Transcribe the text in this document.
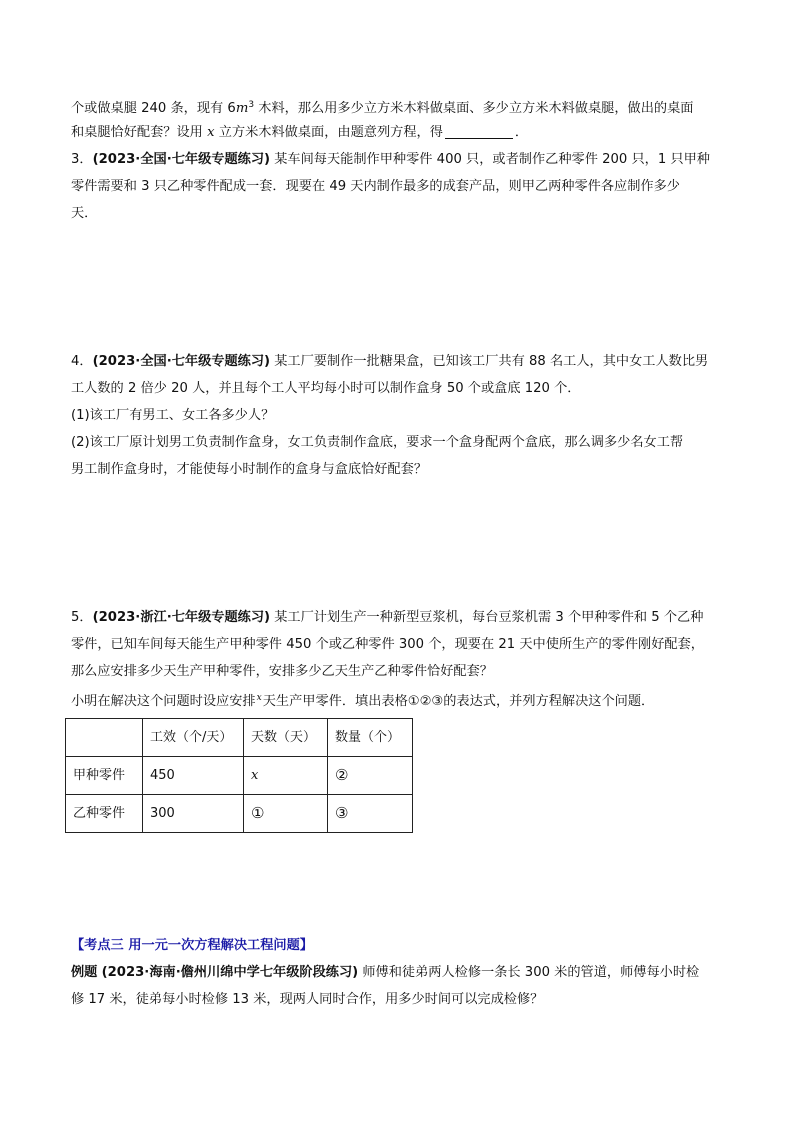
个或做桌腿 240 条，现有 $6m^3$ 木料，那么用多少立方米木料做桌面、多少立方米木料做桌腿，做出的桌面
和桌腿恰好配套？设用 x 立方米木料做桌面，由题意列方程，得	．
3．(2023·全国·七年级专题练习) 某车间每天能制作甲种零件 400 只，或者制作乙种零件 200 只，1 只甲种
零件需要和 3 只乙种零件配成一套．现要在 49 天内制作最多的成套产品，则甲乙两种零件各应制作多少
天．
4．(2023·全国·七年级专题练习) 某工厂要制作一批糖果盒，已知该工厂共有 88 名工人，其中女工人数比男
工人数的 2 倍少 20 人，并且每个工人平均每小时可以制作盒身 50 个或盒底 120 个．
(1)该工厂有男工、女工各多少人？
(2)该工厂原计划男工负责制作盒身，女工负责制作盒底，要求一个盒身配两个盒底，那么调多少名女工帮
男工制作盒身时，才能使每小时制作的盒身与盒底恰好配套？
5．(2023·浙江·七年级专题练习) 某工厂计划生产一种新型豆浆机，每台豆浆机需 3 个甲种零件和 5 个乙种
零件，已知车间每天能生产甲种零件 450 个或乙种零件 300 个，现要在 21 天中使所生产的零件刚好配套，
那么应安排多少天生产甲种零件，安排多少乙天生产乙种零件恰好配套？
小明在解决这个问题时设应安排$^x$天生产甲零件．填出表格①②③的表达式，并列方程解决这个问题．
	工效（个/天）	天数（天）	数量（个）
甲种零件	450	x	②
乙种零件	300	①	③
【考点三 用一元一次方程解决工程问题】
例题 (2023·海南·儋州川绵中学七年级阶段练习) 师傅和徒弟两人检修一条长 300 米的管道，师傅每小时检
修 17 米，徒弟每小时检修 13 米，现两人同时合作，用多少时间可以完成检修？
